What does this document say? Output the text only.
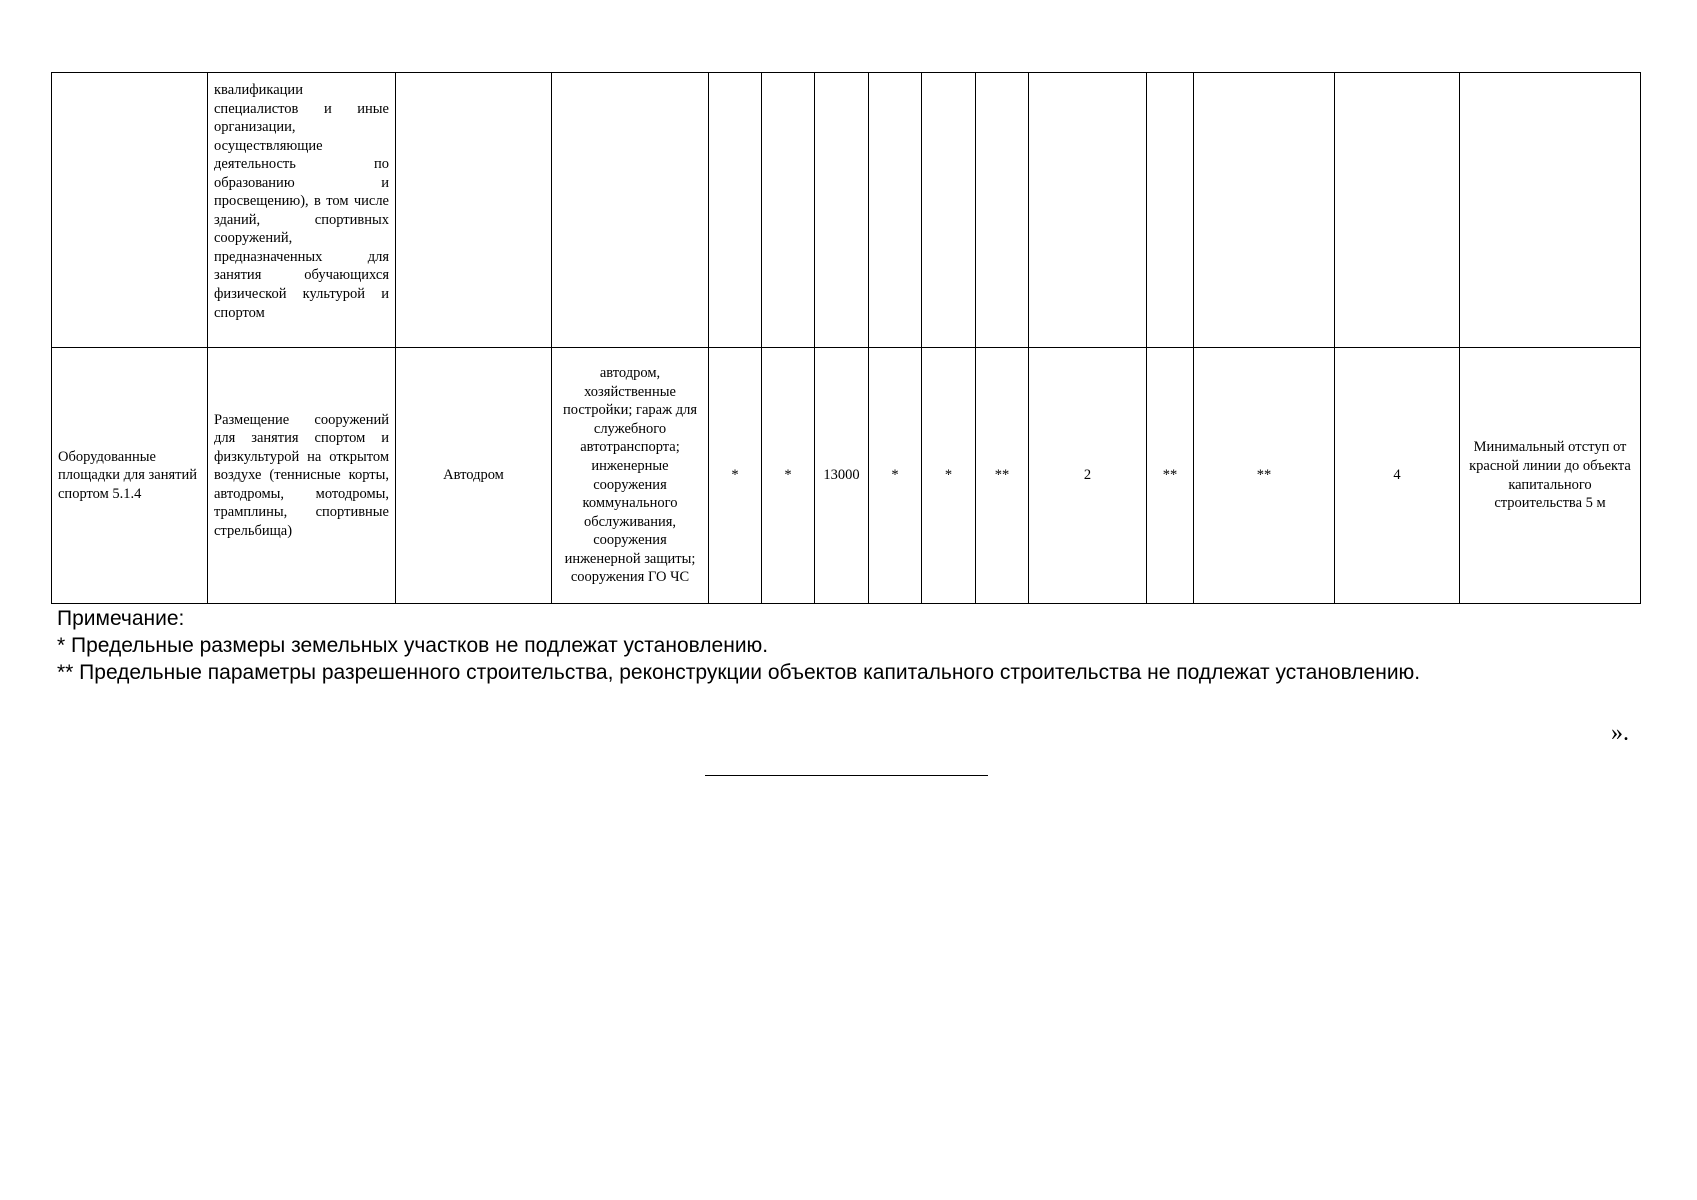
	квалификации специалистов и иные организации, осуществляющие деятельность по образованию и просвещению), в том числе зданий, спортивных сооружений, предназначенных для занятия обучающихся физической культурой и спортом													
Оборудованные площадки для занятий спортом 5.1.4	Размещение сооружений для занятия спортом и физкультурой на открытом воздухе (теннисные корты, автодромы, мотодромы, трамплины, спортивные стрельбища)	Автодром	автодром, хозяйственные постройки; гараж для служебного автотранспорта; инженерные сооружения коммунального обслуживания, сооружения инженерной защиты; сооружения ГО ЧС	*	*	13000	*	*	**	2	**	**	4	Минимальный отступ от красной линии до объекта капитального строительства 5 м
Примечание:
* Предельные размеры земельных участков не подлежат установлению.
** Предельные параметры разрешенного строительства, реконструкции объектов капитального строительства не подлежат установлению.
».
